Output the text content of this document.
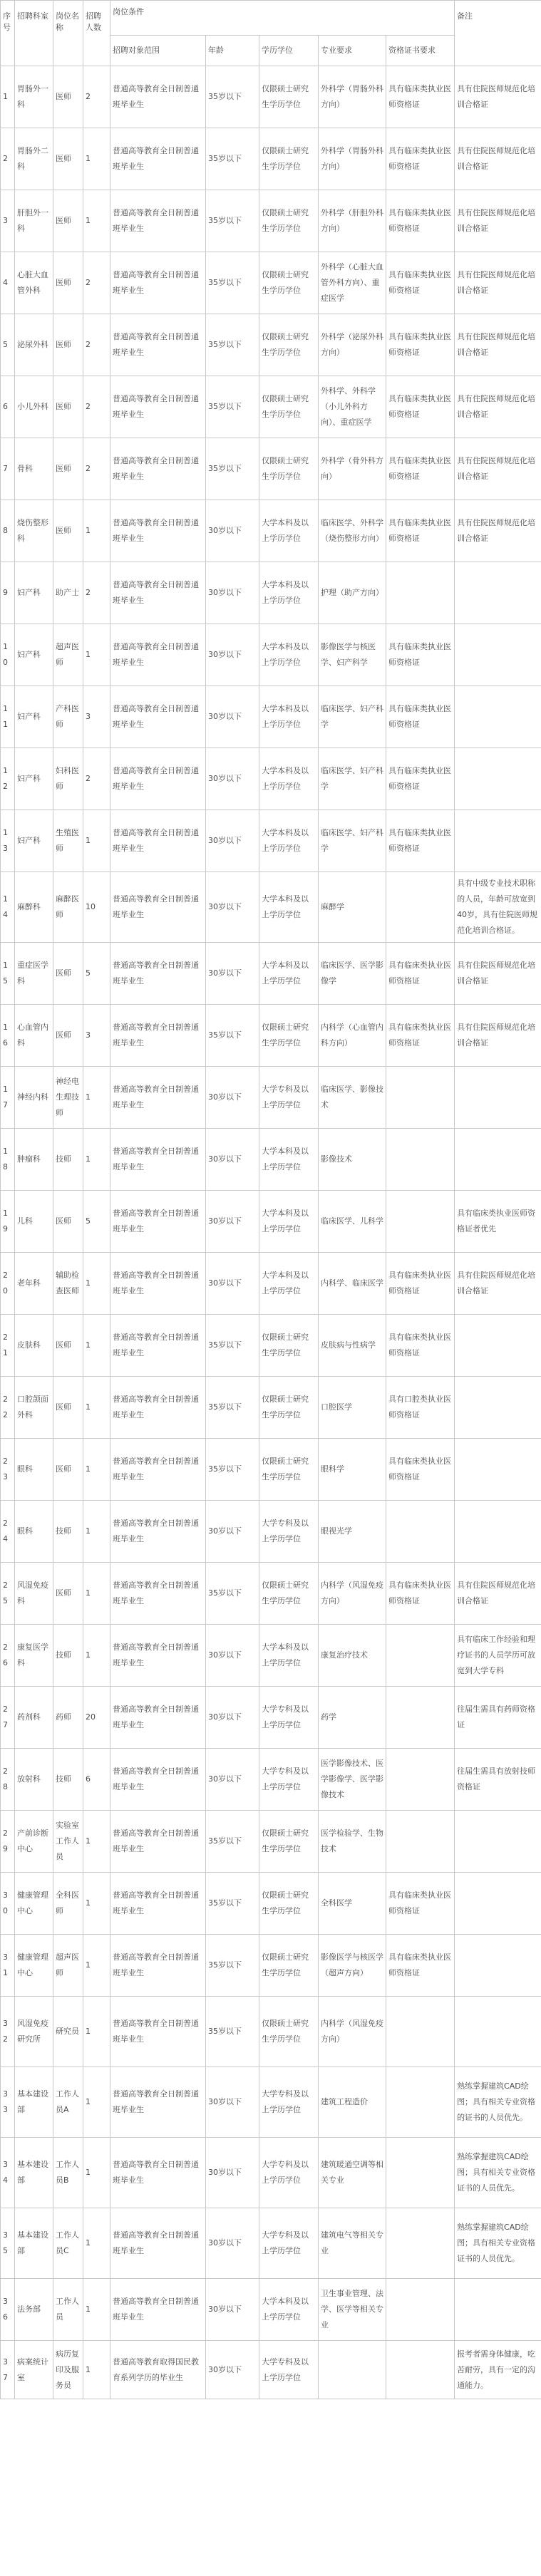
序号	招聘科室	岗位名称	招聘人数	岗位条件					备注
				招聘对象范围	年龄	学历学位	专业要求	资格证书要求	
1	胃肠外一科	医师	2	普通高等教育全日制普通班毕业生	35岁以下	仅限硕士研究生学历学位	外科学（胃肠外科方向）	具有临床类执业医师资格证	具有住院医师规范化培训合格证
2	胃肠外二科	医师	1	普通高等教育全日制普通班毕业生	35岁以下	仅限硕士研究生学历学位	外科学（胃肠外科方向）	具有临床类执业医师资格证	具有住院医师规范化培训合格证
3	肝胆外一科	医师	1	普通高等教育全日制普通班毕业生	35岁以下	仅限硕士研究生学历学位	外科学（肝胆外科方向）	具有临床类执业医师资格证	具有住院医师规范化培训合格证
4	心脏大血管外科	医师	2	普通高等教育全日制普通班毕业生	35岁以下	仅限硕士研究生学历学位	外科学（心脏大血管外科方向）、重症医学	具有临床类执业医师资格证	具有住院医师规范化培训合格证
5	泌尿外科	医师	2	普通高等教育全日制普通班毕业生	35岁以下	仅限硕士研究生学历学位	外科学（泌尿外科方向）	具有临床类执业医师资格证	具有住院医师规范化培训合格证
6	小儿外科	医师	2	普通高等教育全日制普通班毕业生	35岁以下	仅限硕士研究生学历学位	外科学、外科学（小儿外科方向）、重症医学	具有临床类执业医师资格证	具有住院医师规范化培训合格证
7	骨科	医师	2	普通高等教育全日制普通班毕业生	35岁以下	仅限硕士研究生学历学位	外科学（骨外科方向）	具有临床类执业医师资格证	具有住院医师规范化培训合格证
8	烧伤整形科	医师	1	普通高等教育全日制普通班毕业生	30岁以下	大学本科及以上学历学位	临床医学、外科学（烧伤整形方向）	具有临床类执业医师资格证	具有住院医师规范化培训合格证
9	妇产科	助产士	2	普通高等教育全日制普通班毕业生	30岁以下	大学本科及以上学历学位	护理（助产方向）		
10	妇产科	超声医师	1	普通高等教育全日制普通班毕业生	30岁以下	大学本科及以上学历学位	影像医学与核医学、妇产科学	具有临床类执业医师资格证	
11	妇产科	产科医师	3	普通高等教育全日制普通班毕业生	30岁以下	大学本科及以上学历学位	临床医学、妇产科学	具有临床类执业医师资格证	
12	妇产科	妇科医师	2	普通高等教育全日制普通班毕业生	30岁以下	大学本科及以上学历学位	临床医学、妇产科学	具有临床类执业医师资格证	
13	妇产科	生殖医师	1	普通高等教育全日制普通班毕业生	30岁以下	大学本科及以上学历学位	临床医学、妇产科学	具有临床类执业医师资格证	
14	麻醉科	麻醉医师	10	普通高等教育全日制普通班毕业生	30岁以下	大学本科及以上学历学位	麻醉学		具有中级专业技术职称的人员，年龄可放宽到40岁，具有住院医师规范化培训合格证。
15	重症医学科	医师	5	普通高等教育全日制普通班毕业生	30岁以下	大学本科及以上学历学位	临床医学、医学影像学	具有临床类执业医师资格证	具有住院医师规范化培训合格证
16	心血管内科	医师	3	普通高等教育全日制普通班毕业生	35岁以下	仅限硕士研究生学历学位	内科学（心血管内科方向）	具有临床类执业医师资格证	具有住院医师规范化培训合格证
17	神经内科	神经电生理技师	1	普通高等教育全日制普通班毕业生	30岁以下	大学专科及以上学历学位	临床医学、影像技术		
18	肿瘤科	技师	1	普通高等教育全日制普通班毕业生	30岁以下	大学本科及以上学历学位	影像技术		
19	儿科	医师	5	普通高等教育全日制普通班毕业生	30岁以下	大学本科及以上学历学位	临床医学、儿科学		具有临床类执业医师资格证者优先
20	老年科	辅助检查医师	1	普通高等教育全日制普通班毕业生	30岁以下	大学本科及以上学历学位	内科学、临床医学	具有临床类执业医师资格证	具有住院医师规范化培训合格证
21	皮肤科	医师	1	普通高等教育全日制普通班毕业生	35岁以下	仅限硕士研究生学历学位	皮肤病与性病学	具有临床类执业医师资格证	
22	口腔颌面外科	医师	1	普通高等教育全日制普通班毕业生	35岁以下	仅限硕士研究生学历学位	口腔医学	具有口腔类执业医师资格证	
23	眼科	医师	1	普通高等教育全日制普通班毕业生	35岁以下	仅限硕士研究生学历学位	眼科学	具有临床类执业医师资格证	
24	眼科	技师	1	普通高等教育全日制普通班毕业生	30岁以下	大学专科及以上学历学位	眼视光学		
25	风湿免疫科	医师	1	普通高等教育全日制普通班毕业生	35岁以下	仅限硕士研究生学历学位	内科学（风湿免疫方向）	具有临床类执业医师资格证	具有住院医师规范化培训合格证
26	康复医学科	技师	1	普通高等教育全日制普通班毕业生	30岁以下	大学本科及以上学历学位	康复治疗技术		具有临床工作经验和理疗证书的人员学历可放宽到大学专科
27	药剂科	药师	20	普通高等教育全日制普通班毕业生	30岁以下	大学专科及以上学历学位	药学		往届生需具有药师资格证
28	放射科	技师	6	普通高等教育全日制普通班毕业生	30岁以下	大学专科及以上学历学位	医学影像技术、医学影像学、医学影像技术		往届生需具有放射技师资格证
29	产前诊断中心	实验室工作人员	1	普通高等教育全日制普通班毕业生	35岁以下	仅限硕士研究生学历学位	医学检验学、生物技术		
30	健康管理中心	全科医师	1	普通高等教育全日制普通班毕业生	35岁以下	仅限硕士研究生学历学位	全科医学	具有临床类执业医师资格证	
31	健康管理中心	超声医师	1	普通高等教育全日制普通班毕业生	35岁以下	仅限硕士研究生学历学位	影像医学与核医学（超声方向）	具有临床类执业医师资格证	
32	风湿免疫研究所	研究员	1	普通高等教育全日制普通班毕业生	35岁以下	仅限硕士研究生学历学位	内科学（风湿免疫方向）		
33	基本建设部	工作人员A	1	普通高等教育全日制普通班毕业生	30岁以下	大学专科及以上学历学位	建筑工程造价		熟练掌握建筑CAD绘图；具有相关专业资格的证书的人员优先。
34	基本建设部	工作人员B	1	普通高等教育全日制普通班毕业生	30岁以下	大学专科及以上学历学位	建筑暖通空调等相关专业		熟练掌握建筑CAD绘图；具有相关专业资格证书的人员优先。
35	基本建设部	工作人员C	1	普通高等教育全日制普通班毕业生	30岁以下	大学专科及以上学历学位	建筑电气等相关专业		熟练掌握建筑CAD绘图；具有相关专业资格证书的人员优先。
36	法务部	工作人员	1	普通高等教育全日制普通班毕业生	30岁以下	大学本科及以上学历学位	卫生事业管理、法学、医学等相关专业		
37	病案统计室	病历复印及服务员	1	普通高等教育取得国民教育系列学历的毕业生	30岁以下	大学专科及以上学历学位			报考者需身体健康，吃苦耐劳，具有一定的沟通能力。
